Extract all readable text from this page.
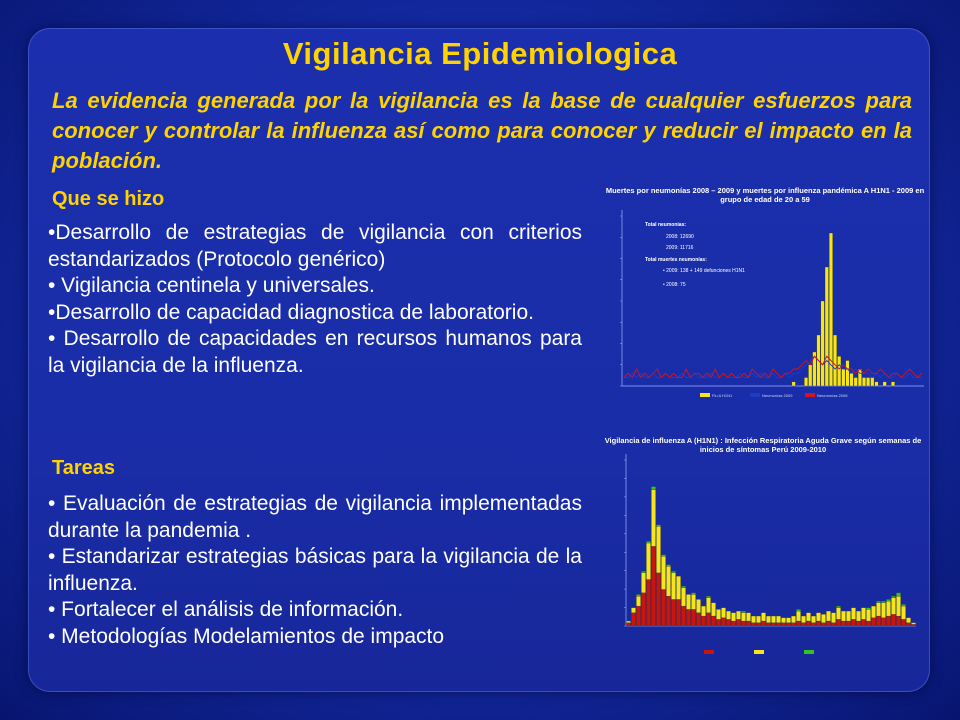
Vigilancia Epidemiologica
La evidencia generada por la vigilancia es la base de cualquier esfuerzos para conocer y controlar la influenza así como para conocer y reducir el impacto en la población.
Que se hizo
•Desarrollo de estrategias de vigilancia con criterios estandarizados (Protocolo genérico)
• Vigilancia centinela y universales.
•Desarrollo de capacidad diagnostica de laboratorio.
• Desarrollo de capacidades en recursos humanos para la vigilancia de la influenza.
Tareas
• Evaluación de estrategias de vigilancia implementadas durante la pandemia .
• Estandarizar estrategias básicas para la vigilancia de la influenza.
• Fortalecer el análisis de información.
• Metodologías Modelamientos de impacto
Muertes por neumonías 2008 – 2009 y muertes por influenza pandémica A H1N1 - 2009 en grupo de edad de 20 a 59
Total neumonías:
2008: 12690
2009: 11716
Total muertes neumonías:
• 2009: 138 + 149 defunciones H1N1
• 2008: 75
Flu A H1N1	Neumonías 2009	Neumonías 2008
Vigilancia de influenza A (H1N1) : Infección Respiratoria Aguda Grave según semanas de inicios de síntomas Perú 2009-2010
